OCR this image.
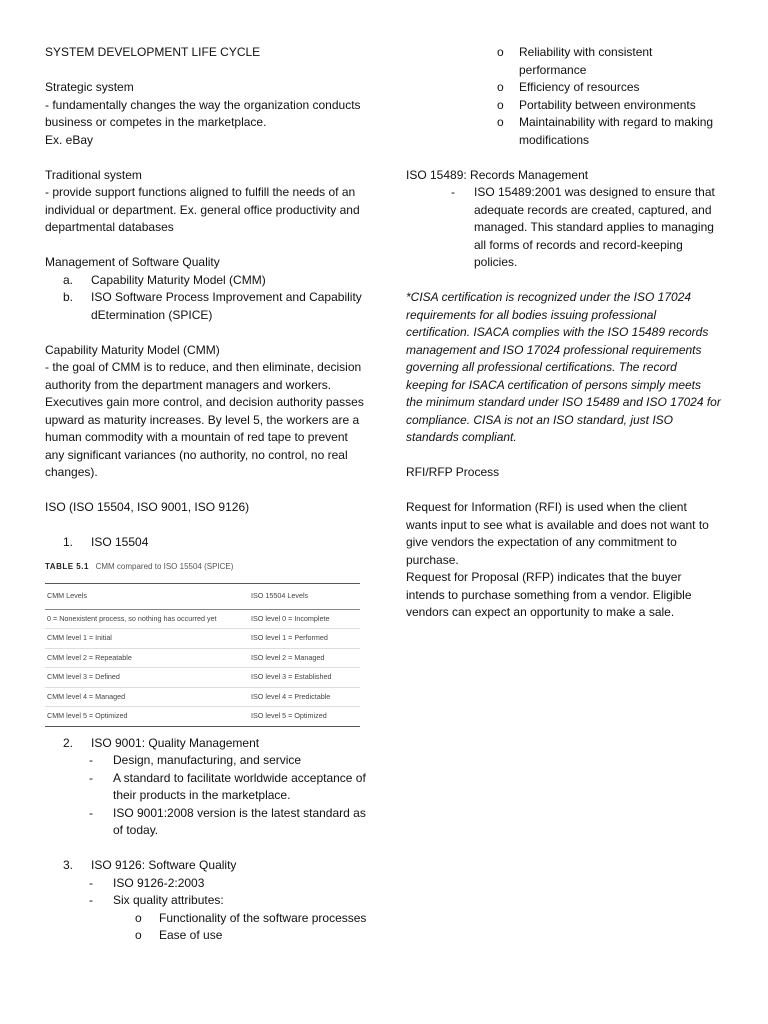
SYSTEM DEVELOPMENT LIFE CYCLE

Strategic system

- fundamentally changes the way the organization conducts business or competes in the marketplace.

Ex. eBay

Traditional system

- provide support functions aligned to fulfill the needs of an individual or department. Ex. general office productivity and departmental databases

Management of Software Quality

a.	Capability Maturity Model (CMM)
b.	ISO Software Process Improvement and Capability dEtermination (SPICE)

Capability Maturity Model (CMM)

- the goal of CMM is to reduce, and then eliminate, decision authority from the department managers and workers. Executives gain more control, and decision authority passes upward as maturity increases. By level 5, the workers are a human commodity with a mountain of red tape to prevent any significant variances (no authority, no control, no real changes).

ISO (ISO 15504, ISO 9001, ISO 9126)

1.	ISO 15504
TABLE 5.1 CMM compared to ISO 15504 (SPICE)
CMM Levels	ISO 15504 Levels
0 = Nonexistent process, so nothing has occurred yet	ISO level 0 = Incomplete
CMM level 1 = Initial	ISO level 1 = Performed
CMM level 2 = Repeatable	ISO level 2 = Managed
CMM level 3 = Defined	ISO level 3 = Established
CMM level 4 = Managed	ISO level 4 = Predictable
CMM level 5 = Optimized	ISO level 5 = Optimized
2.	ISO 9001: Quality Management
- Design, manufacturing, and service
- A standard to facilitate worldwide acceptance of their products in the marketplace.
- ISO 9001:2008 version is the latest standard as of today.
3.	ISO 9126: Software Quality
- ISO 9126-2:2003
- Six quality attributes:
o Functionality of the software processes
o Ease of use
o Reliability with consistent performance
o Efficiency of resources
o Portability between environments
o Maintainability with regard to making modifications

ISO 15489: Records Management

- ISO 15489:2001 was designed to ensure that adequate records are created, captured, and managed. This standard applies to managing all forms of records and record-keeping policies.

*CISA certification is recognized under the ISO 17024 requirements for all bodies issuing professional certification. ISACA complies with the ISO 15489 records management and ISO 17024 professional requirements governing all professional certifications. The record keeping for ISACA certification of persons simply meets the minimum standard under ISO 15489 and ISO 17024 for compliance. CISA is not an ISO standard, just ISO standards compliant.

RFI/RFP Process

Request for Information (RFI) is used when the client wants input to see what is available and does not want to give vendors the expectation of any commitment to purchase.

Request for Proposal (RFP) indicates that the buyer intends to purchase something from a vendor. Eligible vendors can expect an opportunity to make a sale.
